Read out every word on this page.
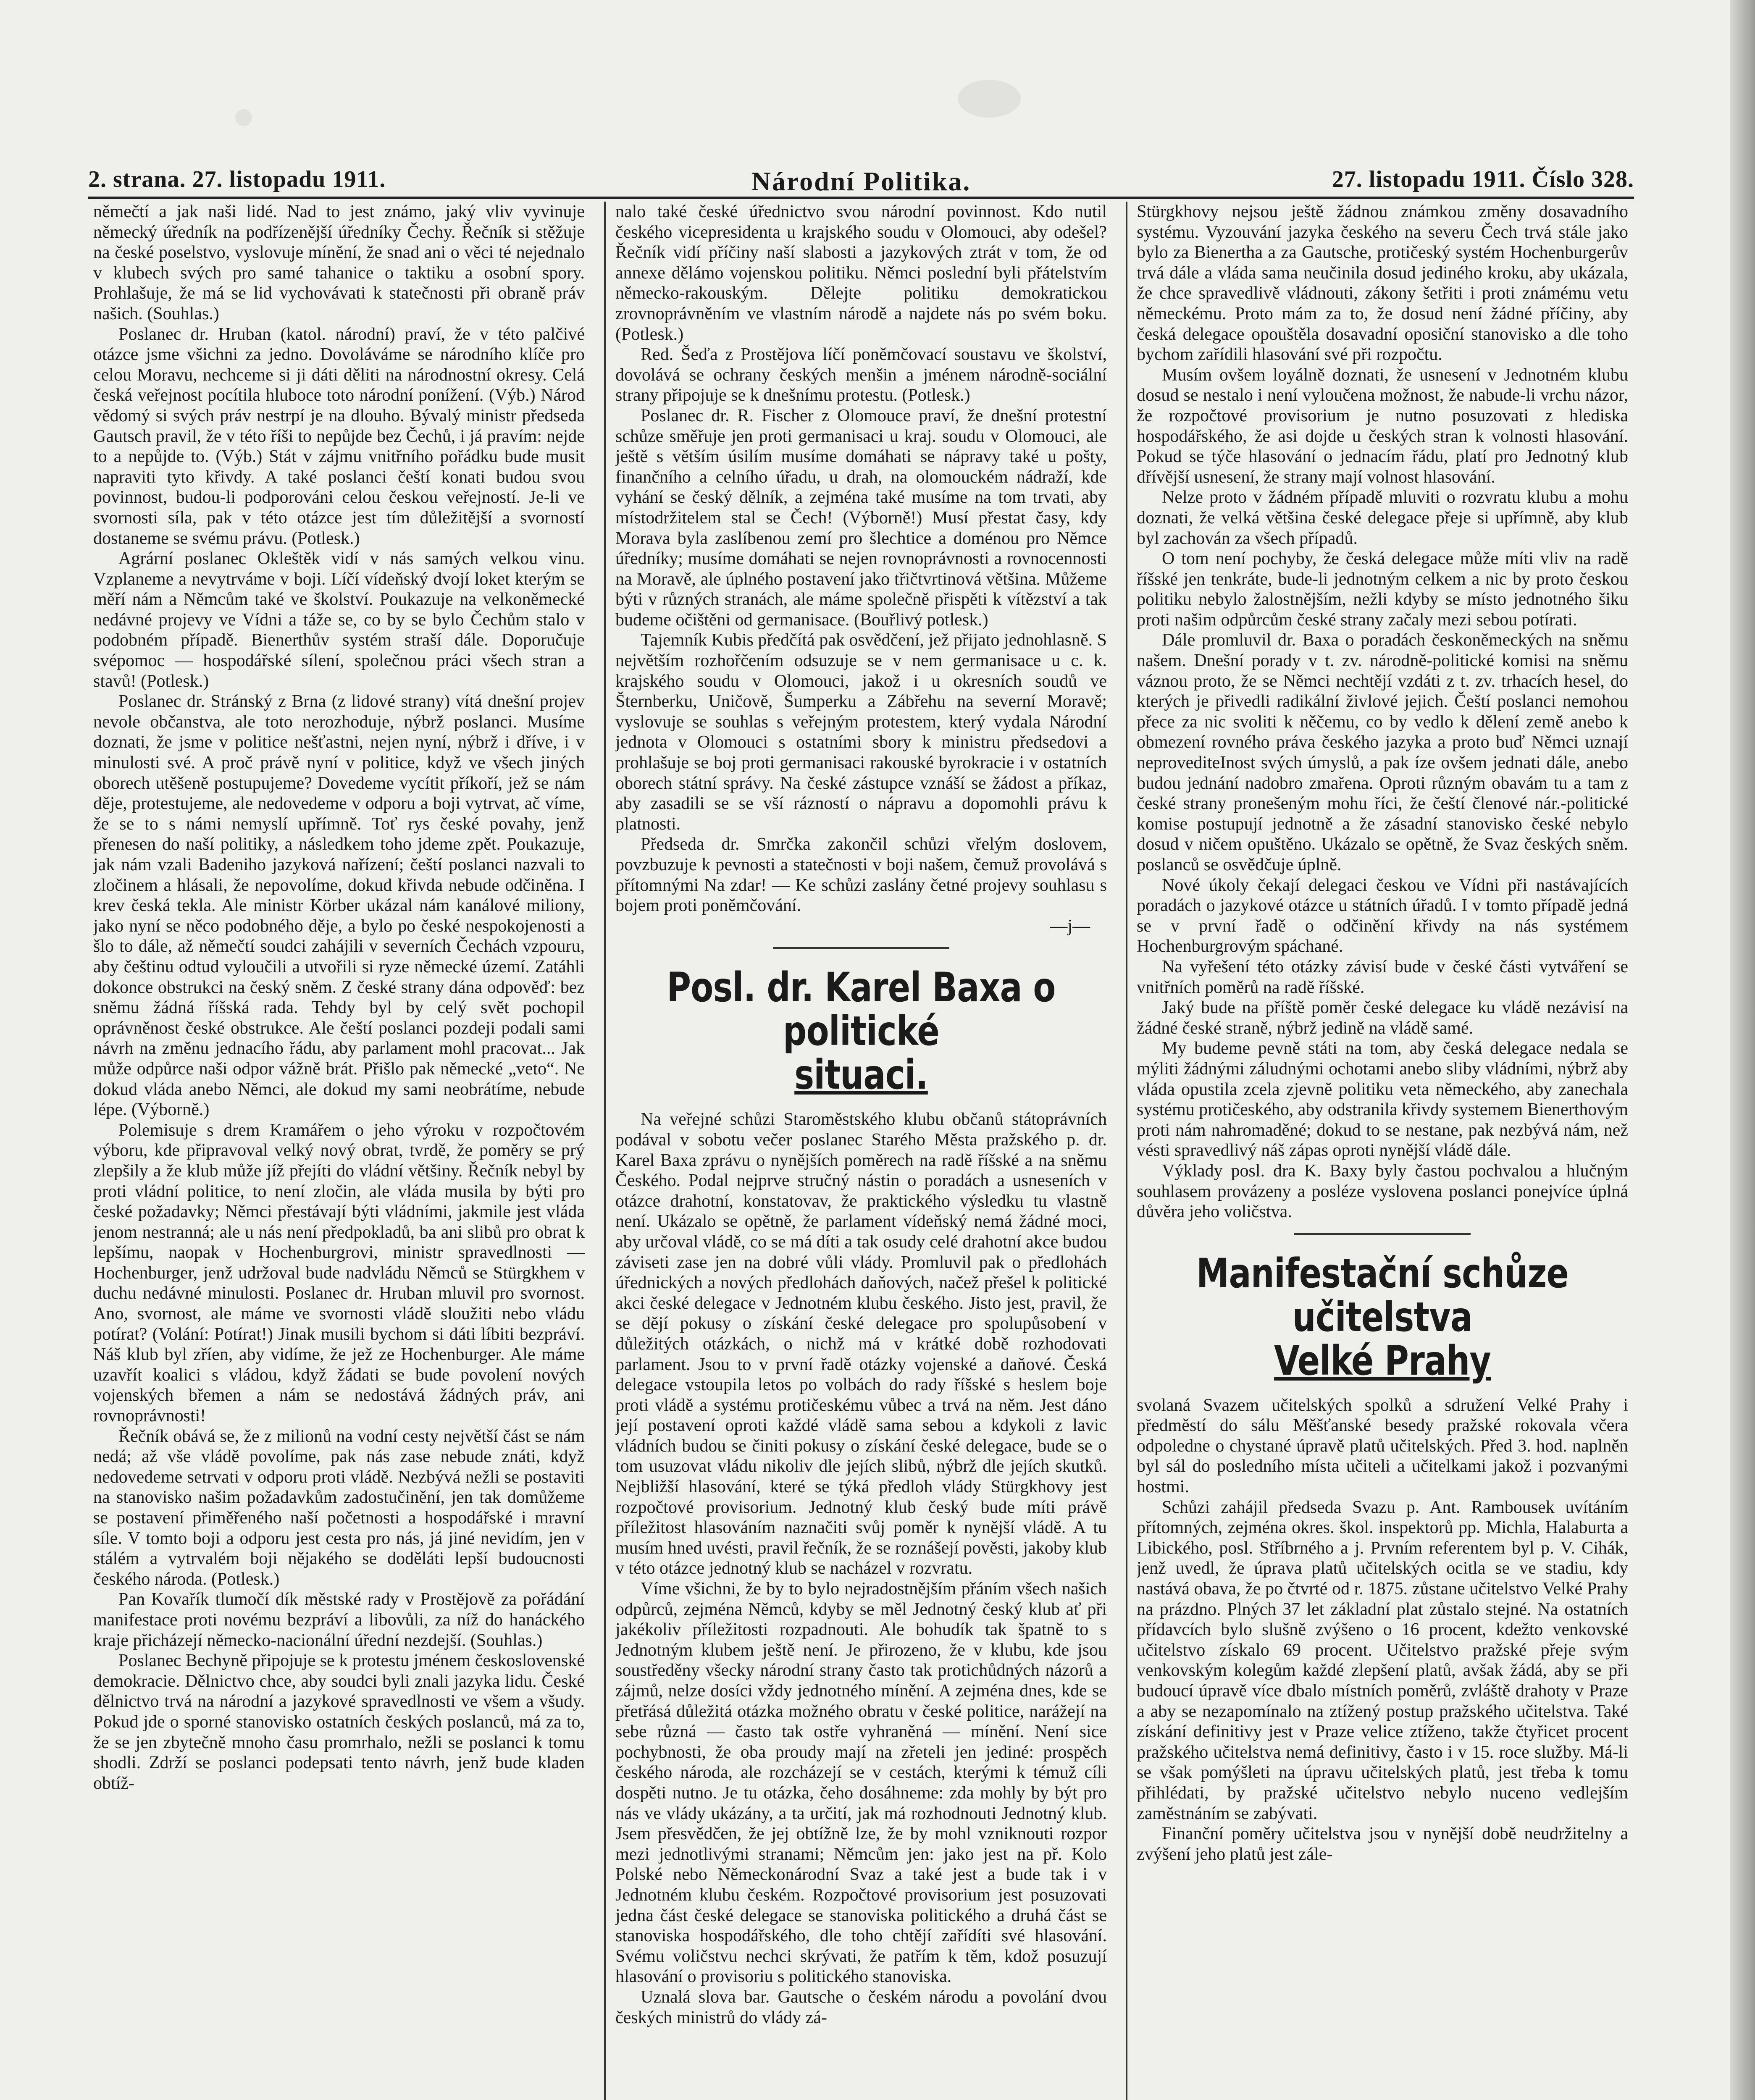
2. strana. 27. listopadu 1911.	Národní Politika.	27. listopadu 1911. Číslo 328.

němečtí a jak naši lidé. Nad to jest známo, jaký vliv vyvinuje německý úředník na podřízenější úředníky Čechy. Řečník si stěžuje na české poselstvo, vyslovuje mínění, že snad ani o věci té nejednalo v klubech svých pro samé tahanice o taktiku a osobní spory. Prohlašuje, že má se lid vychovávati k statečnosti při obraně práv našich. (Souhlas.)

Poslanec dr. Hruban (katol. národní) praví, že v této palčivé otázce jsme všichni za jedno. Dovoláváme se národního klíče pro celou Moravu, nechceme si ji dáti děliti na národnostní okresy. Celá česká veřejnost pocítila hluboce toto národní ponížení. (Výb.) Národ vědomý si svých práv nestrpí je na dlouho. Bývalý ministr předseda Gautsch pravil, že v této říši to nepůjde bez Čechů, i já pravím: nejde to a nepůjde to. (Výb.) Stát v zájmu vnitřního pořádku bude musit napraviti tyto křivdy. A také poslanci čeští konati budou svou povinnost, budou-li podporováni celou českou veřejností. Je-li ve svornosti síla, pak v této otázce jest tím důležitější a svorností dostaneme se svému právu. (Potlesk.)

Agrární poslanec Okleštěk vidí v nás samých velkou vinu. Vzplaneme a nevytrváme v boji. Líčí vídeňský dvojí loket kterým se měří nám a Němcům také ve školství. Poukazuje na velkoněmecké nedávné projevy ve Vídni a táže se, co by se bylo Čechům stalo v podobném případě. Bienerthův systém straší dále. Doporučuje svépomoc — hospodářské sílení, společnou práci všech stran a stavů! (Potlesk.)

Poslanec dr. Stránský z Brna (z lidové strany) vítá dnešní projev nevole občanstva, ale toto nerozhoduje, nýbrž poslanci. Musíme doznati, že jsme v politice nešťastni, nejen nyní, nýbrž i dříve, i v minulosti své. A proč právě nyní v politice, když ve všech jiných oborech utěšeně postupujeme? Dovedeme vycítit příkoří, jež se nám děje, protestujeme, ale nedovedeme v odporu a boji vytrvat, ač víme, že se to s námi nemyslí upřímně. Toť rys české povahy, jenž přenesen do naší politiky, a následkem toho jdeme zpět. Poukazuje, jak nám vzali Badeniho jazyková nařízení; čeští poslanci nazvali to zločinem a hlásali, že nepovolíme, dokud křivda nebude odčiněna. I krev česká tekla. Ale ministr Körber ukázal nám kanálové miliony, jako nyní se něco podobného děje, a bylo po české nespokojenosti a šlo to dále, až němečtí soudci zahájili v severních Čechách vzpouru, aby češtinu odtud vyloučili a utvořili si ryze německé území. Zatáhli dokonce obstrukci na český sněm. Z české strany dána odpověď: bez sněmu žádná říšská rada. Tehdy byl by celý svět pochopil oprávněnost české obstrukce. Ale čeští poslanci pozdeji podali sami návrh na změnu jednacího řádu, aby parlament mohl pracovat... Jak může odpůrce naši odpor vážně brát. Přišlo pak německé „veto“. Ne dokud vláda anebo Němci, ale dokud my sami neobrátíme, nebude lépe. (Výborně.)

Polemisuje s drem Kramářem o jeho výroku v rozpočtovém výboru, kde připravoval velký nový obrat, tvrdě, že poměry se prý zlepšily a že klub může jíž přejíti do vládní většiny. Řečník nebyl by proti vládní politice, to není zločin, ale vláda musila by býti pro české požadavky; Němci přestávají býti vládními, jakmile jest vláda jenom nestranná; ale u nás není předpokladů, ba ani slibů pro obrat k lepšímu, naopak v Hochenburgrovi, ministr spravedlnosti — Hochenburger, jenž udržoval bude nadvládu Němců se Stürgkhem v duchu nedávné minulosti. Poslanec dr. Hruban mluvil pro svornost. Ano, svornost, ale máme ve svornosti vládě sloužiti nebo vládu potírat? (Volání: Potírat!) Jinak musili bychom si dáti líbiti bezpráví. Náš klub byl zříen, aby vidíme, že jež ze Hochenburger. Ale máme uzavřít koalici s vládou, když žádati se bude povolení nových vojenských břemen a nám se nedostává žádných práv, ani rovnoprávnosti!

Řečník obává se, že z milionů na vodní cesty největší část se nám nedá; až vše vládě povolíme, pak nás zase nebude znáti, když nedovedeme setrvati v odporu proti vládě. Nezbývá nežli se postaviti na stanovisko našim požadavkům zadostučinění, jen tak domůžeme se postavení přiměřeného naší početnosti a hospodářské i mravní síle. V tomto boji a odporu jest cesta pro nás, já jiné nevidím, jen v stálém a vytrvalém boji nějakého se doděláti lepší budoucnosti českého národa. (Potlesk.)

Pan Kovařík tlumočí dík městské rady v Prostějově za pořádání manifestace proti novému bezpráví a libovůli, za níž do hanáckého kraje přicházejí německo-nacionální úřední nezdejší. (Souhlas.)

Poslanec Bechyně připojuje se k protestu jménem československé demokracie. Dělnictvo chce, aby soudci byli znali jazyka lidu. České dělnictvo trvá na národní a jazykové spravedlnosti ve všem a všudy. Pokud jde o sporné stanovisko ostatních českých poslanců, má za to, že se jen zbytečně mnoho času promrhalo, nežli se poslanci k tomu shodli. Zdrží se poslanci podepsati tento návrh, jenž bude kladen obtíž-

nalo také české úřednictvo svou národní povinnost. Kdo nutil českého vicepresidenta u krajského soudu v Olomouci, aby odešel? Řečník vidí příčiny naší slabosti a jazykových ztrát v tom, že od annexe dělámo vojenskou politiku. Němci poslední byli přátelstvím německo-rakouským. Dělejte politiku demokratickou zrovnoprávněním ve vlastním národě a najdete nás po svém boku. (Potlesk.)

Red. Šeďa z Prostějova líčí poněmčovací soustavu ve školství, dovolává se ochrany českých menšin a jménem národně-sociální strany připojuje se k dnešnímu protestu. (Potlesk.)

Poslanec dr. R. Fischer z Olomouce praví, že dnešní protestní schůze směřuje jen proti germanisaci u kraj. soudu v Olomouci, ale ještě s větším úsilím musíme domáhati se nápravy také u pošty, finančního a celního úřadu, u drah, na olomouckém nádraží, kde vyhání se český dělník, a zejména také musíme na tom trvati, aby místodržitelem stal se Čech! (Výborně!) Musí přestat časy, kdy Morava byla zaslíbenou zemí pro šlechtice a doménou pro Němce úředníky; musíme domáhati se nejen rovnoprávnosti a rovnocennosti na Moravě, ale úplného postavení jako třičtvrtinová většina. Můžeme býti v různých stranách, ale máme společně přispěti k vítězství a tak budeme očištěni od germanisace. (Bouřlivý potlesk.)

Tajemník Kubis předčítá pak osvědčení, jež přijato jednohlasně. S největším rozhořčením odsuzuje se v nem germanisace u c. k. krajského soudu v Olomouci, jakož i u okresních soudů ve Šternberku, Uničově, Šumperku a Zábřehu na severní Moravě; vyslovuje se souhlas s veřejným protestem, který vydala Národní jednota v Olomouci s ostatními sbory k ministru předsedovi a prohlašuje se boj proti germanisaci rakouské byrokracie i v ostatních oborech státní správy. Na české zástupce vznáší se žádost a příkaz, aby zasadili se se vší rázností o nápravu a dopomohli právu k platnosti.

Předseda dr. Smrčka zakončil schůzi vřelým doslovem, povzbuzuje k pevnosti a statečnosti v boji našem, čemuž provolává s přítomnými Na zdar! — Ke schůzi zaslány četné projevy souhlasu s bojem proti poněmčování.

—j—

Posl. dr. Karel Baxa o politické
situaci.

Na veřejné schůzi Staroměstského klubu občanů státoprávních podával v sobotu večer poslanec Starého Města pražského p. dr. Karel Baxa zprávu o nynějších poměrech na radě říšské a na sněmu Českého. Podal nejprve stručný nástin o poradách a usneseních v otázce drahotní, konstatovav, že praktického výsledku tu vlastně není. Ukázalo se opětně, že parlament vídeňský nemá žádné moci, aby určoval vládě, co se má díti a tak osudy celé drahotní akce budou záviseti zase jen na dobré vůli vlády. Promluvil pak o předlohách úřednických a nových předlohách daňových, načež přešel k politické akci české delegace v Jednotném klubu českého. Jisto jest, pravil, že se dějí pokusy o získání české delegace pro spolupůsobení v důležitých otázkách, o nichž má v krátké době rozhodovati parlament. Jsou to v první řadě otázky vojenské a daňové. Česká delegace vstoupila letos po volbách do rady říšské s heslem boje proti vládě a systému protičeskému vůbec a trvá na něm. Jest dáno její postavení oproti každé vládě sama sebou a kdykoli z lavic vládních budou se činiti pokusy o získání české delegace, bude se o tom usuzovat vládu nikoliv dle jejích slibů, nýbrž dle jejích skutků. Nejbližší hlasování, které se týká předloh vlády Stürgkhovy jest rozpočtové provisorium. Jednotný klub český bude míti právě příležitost hlasováním naznačiti svůj poměr k nynější vládě. A tu musím hned uvésti, pravil řečník, že se roznášejí pověsti, jakoby klub v této otázce jednotný klub se nacházel v rozvratu.

Víme všichni, že by to bylo nejradostnějším přáním všech našich odpůrců, zejména Němců, kdyby se měl Jednotný český klub ať při jakékoliv příležitosti rozpadnouti. Ale bohudík tak špatně to s Jednotným klubem ještě není. Je přirozeno, že v klubu, kde jsou soustředěny všecky národní strany často tak protichůdných názorů a zájmů, nelze dosíci vždy jednotného mínění. A zejména dnes, kde se přetřásá důležitá otázka možného obratu v české politice, narážejí na sebe různá — často tak ostře vyhraněná — mínění. Není sice pochybnosti, že oba proudy mají na zřeteli jen jediné: prospěch českého národa, ale rozcházejí se v cestách, kterými k témuž cíli dospěti nutno. Je tu otázka, čeho dosáhneme: zda mohly by být pro nás ve vlády ukázány, a ta určití, jak má rozhodnouti Jednotný klub. Jsem přesvědčen, že jej obtížně lze, že by mohl vzniknouti rozpor mezi jednotlivými stranami; Němcům jen: jako jest na př. Kolo Polské nebo Německonárodní Svaz a také jest a bude tak i v Jednotném klubu českém. Rozpočtové provisorium jest posuzovati jedna část české delegace se stanoviska politického a druhá část se stanoviska hospodářského, dle toho chtějí zařídíti své hlasování. Svému voličstvu nechci skrývati, že patřím k těm, kdož posuzují hlasování o provisoriu s politického stanoviska.

Uznalá slova bar. Gautsche o českém národu a povolání dvou českých ministrů do vlády zá-

Stürgkhovy nejsou ještě žádnou známkou změny dosavadního systému. Vyzouvání jazyka českého na severu Čech trvá stále jako bylo za Bienertha a za Gautsche, protičeský systém Hochenburgerův trvá dále a vláda sama neučinila dosud jediného kroku, aby ukázala, že chce spravedlivě vládnouti, zákony šetřiti i proti známému vetu německému. Proto mám za to, že dosud není žádné příčiny, aby česká delegace opouštěla dosavadní oposiční stanovisko a dle toho bychom zařídili hlasování své při rozpočtu.

Musím ovšem loyálně doznati, že usnesení v Jednotném klubu dosud se nestalo i není vyloučena možnost, že nabude-li vrchu názor, že rozpočtové provisorium je nutno posuzovati z hlediska hospodářského, že asi dojde u českých stran k volnosti hlasování. Pokud se týče hlasování o jednacím řádu, platí pro Jednotný klub dřívější usnesení, že strany mají volnost hlasování.

Nelze proto v žádném případě mluviti o rozvratu klubu a mohu doznati, že velká většina české delegace přeje si upřímně, aby klub byl zachován za všech případů.

O tom není pochyby, že česká delegace může míti vliv na radě říšské jen tenkráte, bude-li jednotným celkem a nic by proto českou politiku nebylo žalostnějším, nežli kdyby se místo jednotného šiku proti našim odpůrcům české strany začaly mezi sebou potírati.

Dále promluvil dr. Baxa o poradách českoněmeckých na sněmu našem. Dnešní porady v t. zv. národně-politické komisi na sněmu váznou proto, že se Němci nechtějí vzdáti z t. zv. trhacích hesel, do kterých je přivedli radikální živlové jejich. Čeští poslanci nemohou přece za nic svoliti k něčemu, co by vedlo k dělení země anebo k obmezení rovného práva českého jazyka a proto buď Němci uznají neprovediteInost svých úmyslů, a pak íze ovšem jednati dále, anebo budou jednání nadobro zmařena. Oproti různým obavám tu a tam z české strany pronešeným mohu říci, že čeští členové nár.-politické komise postupují jednotně a že zásadní stanovisko české nebylo dosud v ničem opuštěno. Ukázalo se opětně, že Svaz českých sněm. poslanců se osvědčuje úplně.

Nové úkoly čekají delegaci českou ve Vídni při nastávajících poradách o jazykové otázce u státních úřadů. I v tomto případě jedná se v první řadě o odčinění křivdy na nás systémem Hochenburgrovým spáchané.

Na vyřešení této otázky závisí bude v české části vytváření se vnitřních poměrů na radě říšské.

Jaký bude na příště poměr české delegace ku vládě nezávisí na žádné české straně, nýbrž jedině na vládě samé.

My budeme pevně státi na tom, aby česká delegace nedala se mýliti žádnými záludnými ochotami anebo sliby vládními, nýbrž aby vláda opustila zcela zjevně politiku veta německého, aby zanechala systému protičeského, aby odstranila křivdy systemem Bienerthovým proti nám nahromaděné; dokud to se nestane, pak nezbývá nám, než vésti spravedlivý náš zápas oproti nynější vládě dále.

Výklady posl. dra K. Baxy byly častou pochvalou a hlučným souhlasem provázeny a posléze vyslovena poslanci ponejvíce úplná důvěra jeho voličstva.

Manifestační schůze učitelstva
Velké Prahy

svolaná Svazem učitelských spolků a sdružení Velké Prahy i předměstí do sálu Měšťanské besedy pražské rokovala včera odpoledne o chystané úpravě platů učitelských. Před 3. hod. naplněn byl sál do posledního místa učiteli a učitelkami jakož i pozvanými hostmi.

Schůzi zahájil předseda Svazu p. Ant. Rambousek uvítáním přítomných, zejména okres. škol. inspektorů pp. Michla, Halaburta a Libického, posl. Stříbrného a j. Prvním referentem byl p. V. Cihák, jenž uvedl, že úprava platů učitelských ocitla se ve stadiu, kdy nastává obava, že po čtvrté od r. 1875. zůstane učitelstvo Velké Prahy na prázdno. Plných 37 let základní plat zůstalo stejné. Na ostatních přídavcích bylo slušně zvýšeno o 16 procent, kdežto venkovské učitelstvo získalo 69 procent. Učitelstvo pražské přeje svým venkovským kolegům každé zlepšení platů, avšak žádá, aby se při budoucí úpravě více dbalo místních poměrů, zvláště drahoty v Praze a aby se nezapomínalo na ztížený postup pražského učitelstva. Také získání definitivy jest v Praze velice ztíženo, takže čtyřicet procent pražského učitelstva nemá definitivy, často i v 15. roce služby. Má-li se však pomýšleti na úpravu učitelských platů, jest třeba k tomu přihlédati, by pražské učitelstvo nebylo nuceno vedlejším zaměstnáním se zabývati.

Finanční poměry učitelstva jsou v nynější době neudržitelny a zvýšení jeho platů jest zále-
